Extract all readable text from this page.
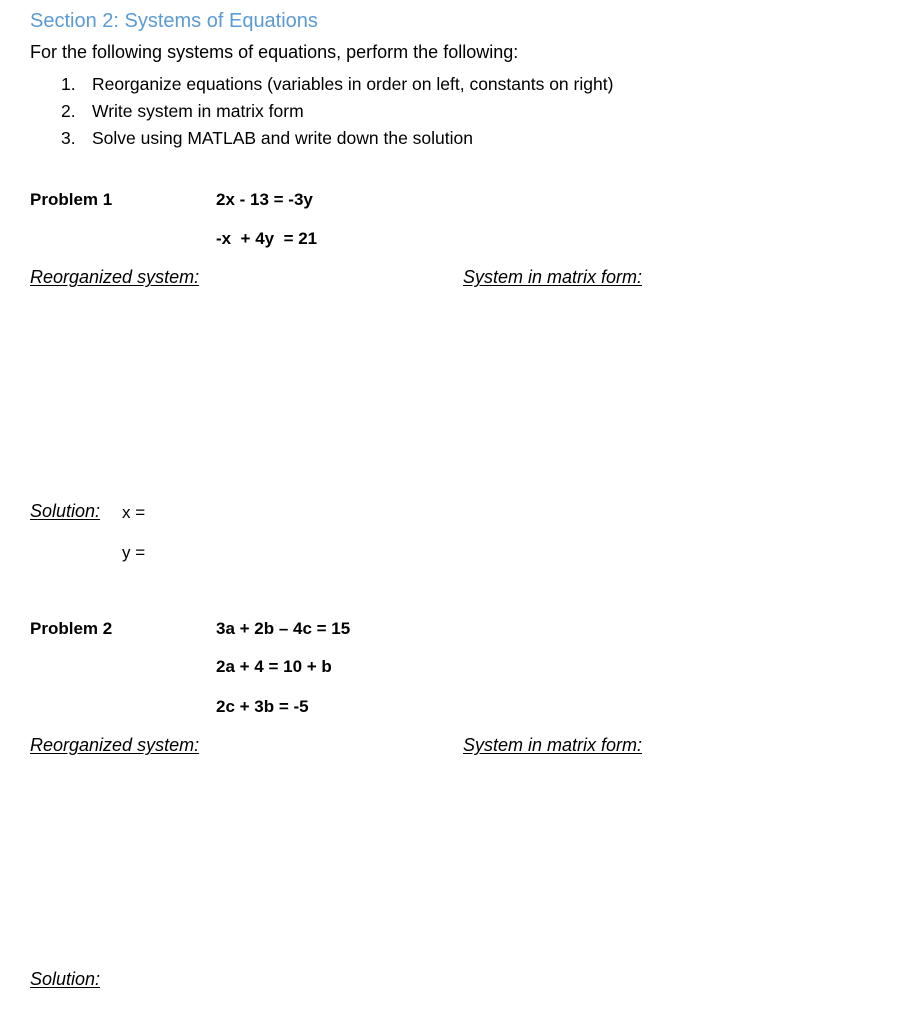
Section 2: Systems of Equations
For the following systems of equations, perform the following:
1. Reorganize equations (variables in order on left, constants on right)
2. Write system in matrix form
3. Solve using MATLAB and write down the solution
Problem 1	2x - 13 = -3y
-x  + 4y  = 21
Reorganized system:	System in matrix form:
Solution: x =
y =
Problem 2	3a + 2b – 4c = 15
2a + 4 = 10 + b
2c + 3b = -5
Reorganized system:	System in matrix form:
Solution:
